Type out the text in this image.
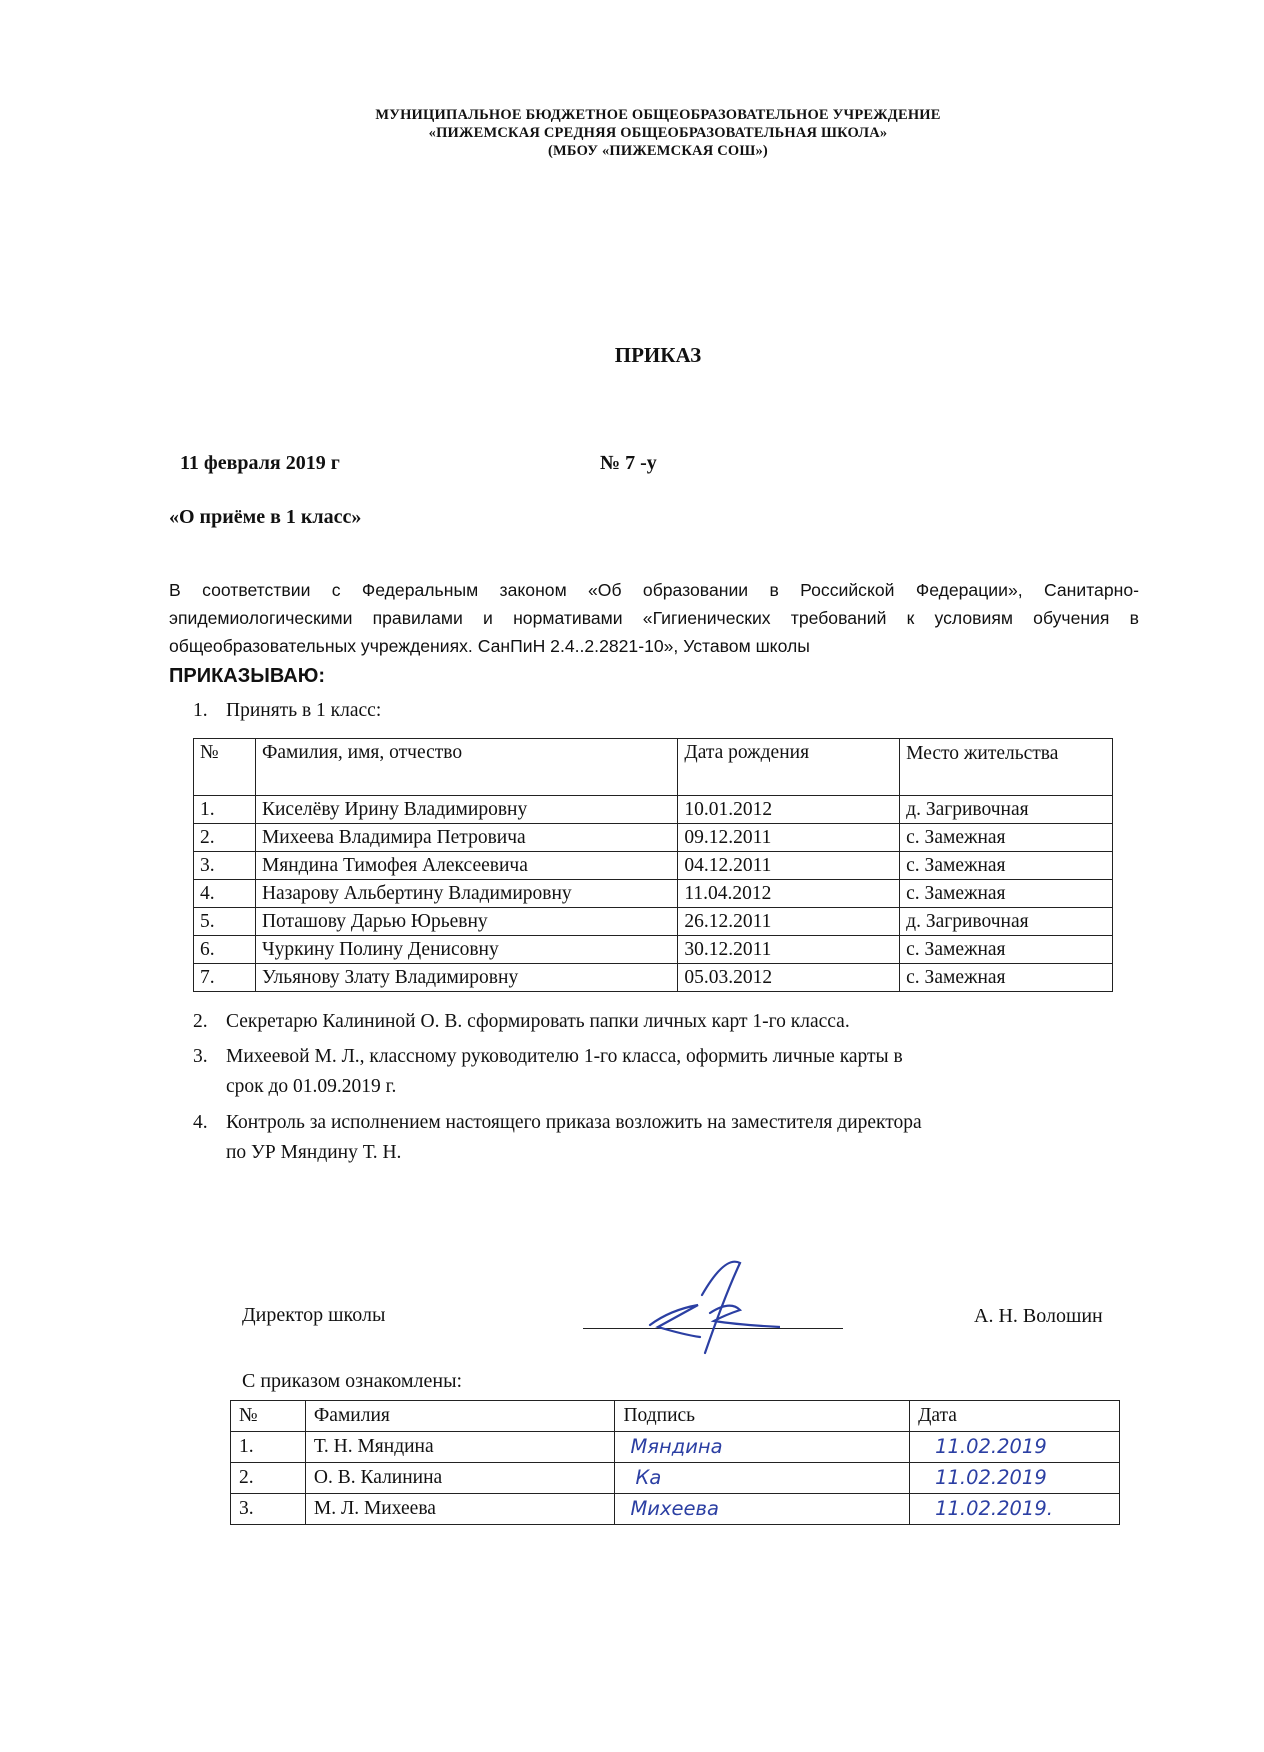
МУНИЦИПАЛЬНОЕ БЮДЖЕТНОЕ ОБЩЕОБРАЗОВАТЕЛЬНОЕ УЧРЕЖДЕНИЕ
«ПИЖЕМСКАЯ СРЕДНЯЯ ОБЩЕОБРАЗОВАТЕЛЬНАЯ ШКОЛА»
(МБОУ «ПИЖЕМСКАЯ СОШ»)
ПРИКАЗ
11 февраля 2019 г	№ 7 -у
«О приёме в 1 класс»
В соответствии с Федеральным законом «Об образовании в Российской Федерации», Санитарно-эпидемиологическими правилами и нормативами «Гигиенических требований к условиям обучения в общеобразовательных учреждениях. СанПиН 2.4..2.2821-10», Уставом школы
ПРИКАЗЫВАЮ:
1. Принять в 1 класс:
№	Фамилия, имя, отчество	Дата рождения	Место жительства
1.	Киселёву Ирину Владимировну	10.01.2012	д. Загривочная
2.	Михеева Владимира Петровича	09.12.2011	с. Замежная
3.	Мяндина Тимофея Алексеевича	04.12.2011	с. Замежная
4.	Назарову Альбертину Владимировну	11.04.2012	с. Замежная
5.	Поташову Дарью Юрьевну	26.12.2011	д. Загривочная
6.	Чуркину Полину Денисовну	30.12.2011	с. Замежная
7.	Ульянову Злату Владимировну	05.03.2012	с. Замежная
2. Секретарю Калининой О. В. сформировать папки личных карт 1-го класса.
3. Михеевой М. Л., классному руководителю 1-го класса, оформить личные карты в
срок до 01.09.2019 г.
4. Контроль за исполнением настоящего приказа возложить на заместителя директора
по УР Мяндину Т. Н.
Директор школы	А. Н. Волошин
С приказом ознакомлены:
№	Фамилия	Подпись	Дата
1.	Т. Н. Мяндина	Мяндина	11.02.2019
2.	О. В. Калинина	Ка	11.02.2019
3.	М. Л. Михеева	Михеева	11.02.2019.
